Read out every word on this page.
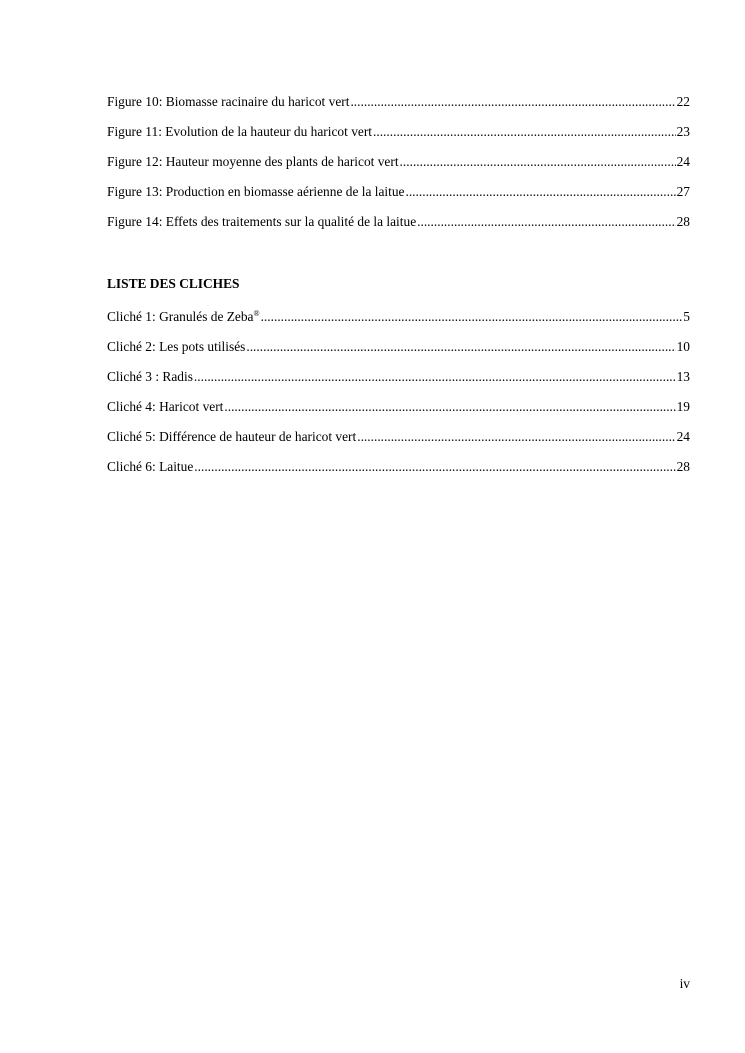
Figure 10: Biomasse racinaire du haricot vert .....	22
Figure 11: Evolution de la hauteur du haricot vert .....	23
Figure 12: Hauteur moyenne des plants de haricot vert .....	24
Figure 13: Production en biomasse aérienne de la laitue .....	27
Figure 14: Effets des traitements sur la qualité de la laitue .....	28
LISTE DES CLICHES
Cliché 1: Granulés de Zeba® .....	5
Cliché 2: Les pots utilisés .....	10
Cliché 3 : Radis .....	13
Cliché 4: Haricot vert .....	19
Cliché 5: Différence de hauteur de haricot vert .....	24
Cliché 6: Laitue .....	28
iv
